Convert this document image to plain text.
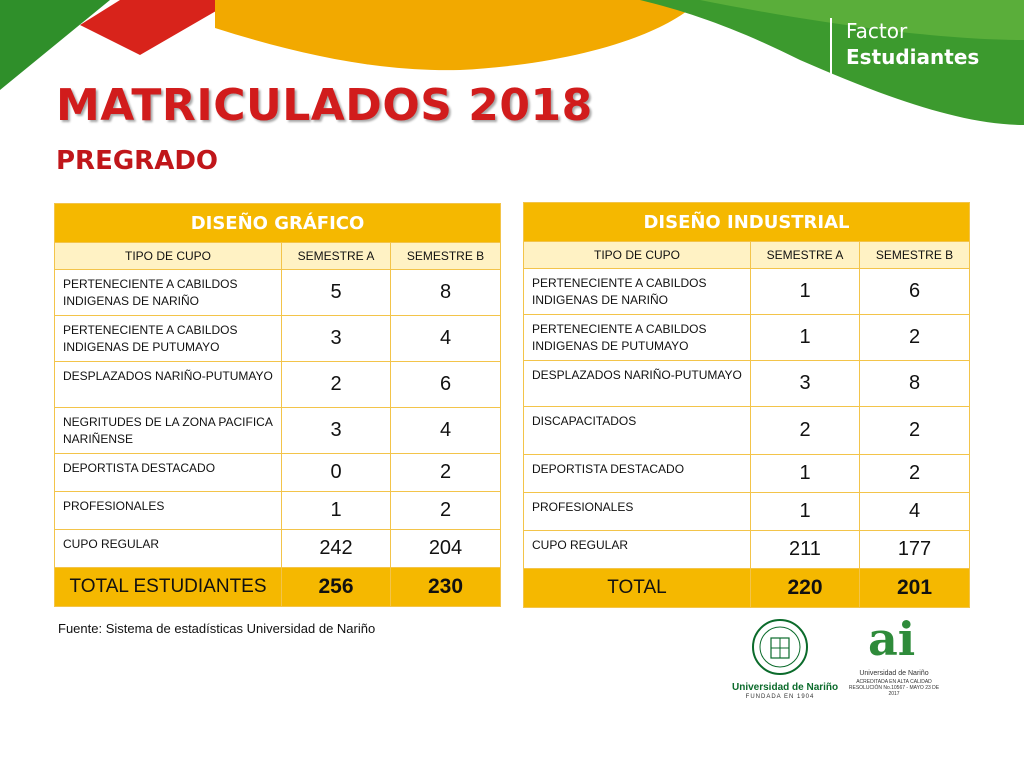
Factor
Estudiantes
MATRICULADOS 2018
PREGRADO
DISEÑO GRÁFICO		
TIPO DE CUPO	SEMESTRE A	SEMESTRE B
PERTENECIENTE A CABILDOS INDIGENAS DE NARIÑO	5	8
PERTENECIENTE A CABILDOS INDIGENAS DE PUTUMAYO	3	4
DESPLAZADOS NARIÑO-PUTUMAYO	2	6
NEGRITUDES DE LA ZONA PACIFICA NARIÑENSE	3	4
DEPORTISTA DESTACADO	0	2
PROFESIONALES	1	2
CUPO REGULAR	242	204
TOTAL ESTUDIANTES	256	230
DISEÑO INDUSTRIAL		
TIPO DE CUPO	SEMESTRE A	SEMESTRE B
PERTENECIENTE A CABILDOS INDIGENAS DE NARIÑO	1	6
PERTENECIENTE A CABILDOS INDIGENAS DE PUTUMAYO	1	2
DESPLAZADOS NARIÑO-PUTUMAYO	3	8
DISCAPACITADOS	2	2
DEPORTISTA DESTACADO	1	2
PROFESIONALES	1	4
CUPO REGULAR	211	177
TOTAL	220	201
Fuente: Sistema de estadísticas Universidad de Nariño
Universidad de Nariño
FUNDADA EN 1904
ai
Universidad de Nariño
ACREDITADA EN ALTA CALIDAD
RESOLUCIÓN No.10567 - MAYO 23 DE 2017
